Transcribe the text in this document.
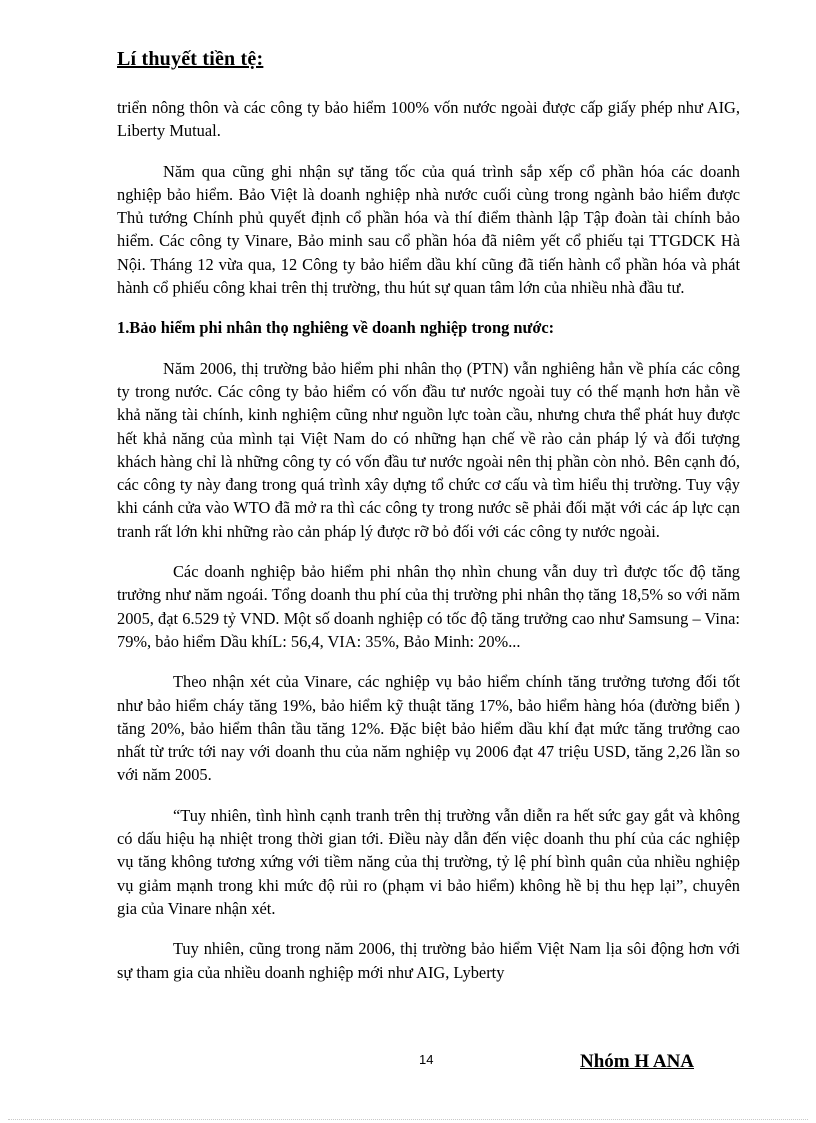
Lí thuyết tiền tệ:

triển nông thôn và các công ty bảo hiểm 100% vốn nước ngoài được cấp giấy phép như AIG, Liberty Mutual.

Năm qua cũng ghi nhận sự tăng tốc của quá trình sắp xếp cổ phần hóa các doanh nghiệp bảo hiểm. Bảo Việt là doanh nghiệp nhà nước cuối cùng trong ngành bảo hiểm được Thủ tướng Chính phủ quyết định cổ phần hóa và thí điểm thành lập Tập đoàn tài chính bảo hiểm. Các công ty Vinare, Bảo minh sau cổ phần hóa đã niêm yết cổ phiếu tại TTGDCK Hà Nội. Tháng 12 vừa qua, 12 Công ty bảo hiểm dầu khí cũng đã tiến hành cổ phần hóa và phát hành cổ phiếu công khai trên thị trường, thu hút sự quan tâm lớn của nhiều nhà đầu tư.

1.Bảo hiểm phi nhân thọ nghiêng về doanh nghiệp trong nước:

Năm 2006, thị trường bảo hiểm phi nhân thọ (PTN) vẫn nghiêng hẳn về phía các công ty trong nước. Các công ty bảo hiểm có vốn đầu tư nước ngoài tuy có thế mạnh hơn hẳn về khả năng tài chính, kinh nghiệm cũng như nguồn lực toàn cầu, nhưng chưa thể phát huy được hết khả năng của mình tại Việt Nam do có những hạn chế về rào cản pháp lý và đối tượng khách hàng chỉ là những công ty có vốn đầu tư nước ngoài nên thị phần còn nhỏ. Bên cạnh đó, các công ty này đang trong quá trình xây dựng tổ chức cơ cấu và tìm hiểu thị trường. Tuy vậy khi cánh cửa vào WTO đã mở ra thì các công ty trong nước sẽ phải đối mặt với các áp lực cạn tranh rất lớn khi những rào cản pháp lý được rỡ bỏ đối với các công ty nước ngoài.

Các doanh nghiệp bảo hiểm phi nhân thọ nhìn chung vẫn duy trì được tốc độ tăng trưởng như năm ngoái. Tổng doanh thu phí của thị trường phi nhân thọ tăng 18,5% so với năm 2005, đạt 6.529 tỷ VND. Một số doanh nghiệp có tốc độ tăng trưởng cao như Samsung – Vina: 79%, bảo hiểm Dầu khíL: 56,4, VIA: 35%, Bảo Minh: 20%...

Theo nhận xét của Vinare, các nghiệp vụ bảo hiểm chính tăng trưởng tương đối tốt như bảo hiểm cháy tăng 19%, bảo hiểm kỹ thuật tăng 17%, bảo hiểm hàng hóa (đường biển ) tăng 20%, bảo hiểm thân tầu tăng 12%. Đặc biệt bảo hiểm dầu khí đạt mức tăng trưởng cao nhất từ trức tới nay với doanh thu của năm nghiệp vụ 2006 đạt 47 triệu USD, tăng 2,26 lần so với năm 2005.

“Tuy nhiên, tình hình cạnh tranh trên thị trường vẫn diễn ra hết sức gay gắt và không có dấu hiệu hạ nhiệt trong thời gian tới. Điều này dẫn đến việc doanh thu phí của các nghiệp vụ tăng không tương xứng với tiềm năng của thị trường, tỷ lệ phí bình quân của nhiều nghiệp vụ giảm mạnh trong khi mức độ rủi ro (phạm vi bảo hiểm) không hề bị thu hẹp lại”, chuyên gia của Vinare nhận xét.

Tuy nhiên, cũng trong năm 2006, thị trường bảo hiểm Việt Nam lịa sôi động hơn với sự tham gia của nhiều doanh nghiệp mới như AIG, Lyberty

14	Nhóm H ANA
